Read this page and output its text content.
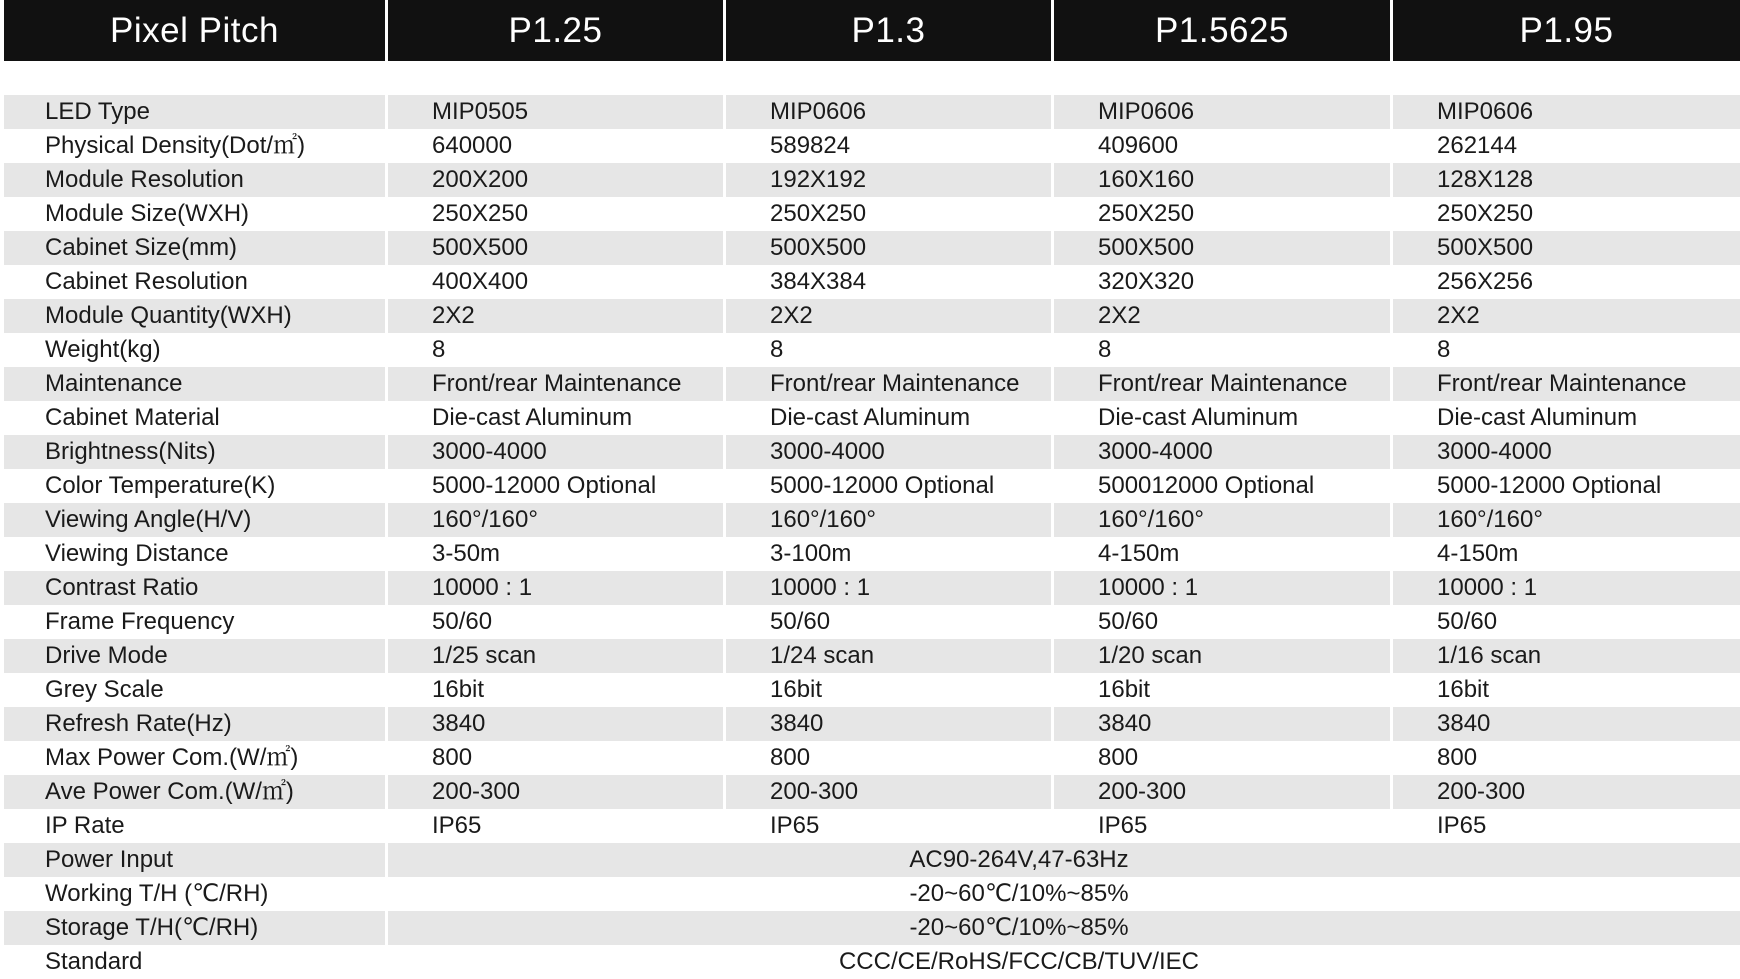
Pixel Pitch	P1.25	P1.3	P1.5625	P1.95

LED Type	MIP0505	MIP0606	MIP0606	MIP0606
Physical Density(Dot/㎡)	640000	589824	409600	262144
Module Resolution	200X200	192X192	160X160	128X128
Module Size(WXH)	250X250	250X250	250X250	250X250
Cabinet Size(mm)	500X500	500X500	500X500	500X500
Cabinet Resolution	400X400	384X384	320X320	256X256
Module Quantity(WXH)	2X2	2X2	2X2	2X2
Weight(kg)	8	8	8	8
Maintenance	Front/rear Maintenance	Front/rear Maintenance	Front/rear Maintenance	Front/rear Maintenance
Cabinet Material	Die-cast Aluminum	Die-cast Aluminum	Die-cast Aluminum	Die-cast Aluminum
Brightness(Nits)	3000-4000	3000-4000	3000-4000	3000-4000
Color Temperature(K)	5000-12000 Optional	5000-12000 Optional	500012000 Optional	5000-12000 Optional
Viewing Angle(H/V)	160°/160°	160°/160°	160°/160°	160°/160°
Viewing Distance	3-50m	3-100m	4-150m	4-150m
Contrast Ratio	10000 : 1	10000 : 1	10000 : 1	10000 : 1
Frame Frequency	50/60	50/60	50/60	50/60
Drive Mode	1/25 scan	1/24 scan	1/20 scan	1/16 scan
Grey Scale	16bit	16bit	16bit	16bit
Refresh Rate(Hz)	3840	3840	3840	3840
Max Power Com.(W/㎡)	800	800	800	800
Ave Power Com.(W/㎡)	200-300	200-300	200-300	200-300
IP Rate	IP65	IP65	IP65	IP65
Power Input	AC90-264V,47-63Hz			
Working T/H (℃/RH)	-20~60℃/10%~85%			
Storage T/H(℃/RH)	-20~60℃/10%~85%			
Standard	CCC/CE/RoHS/FCC/CB/TUV/IEC			
